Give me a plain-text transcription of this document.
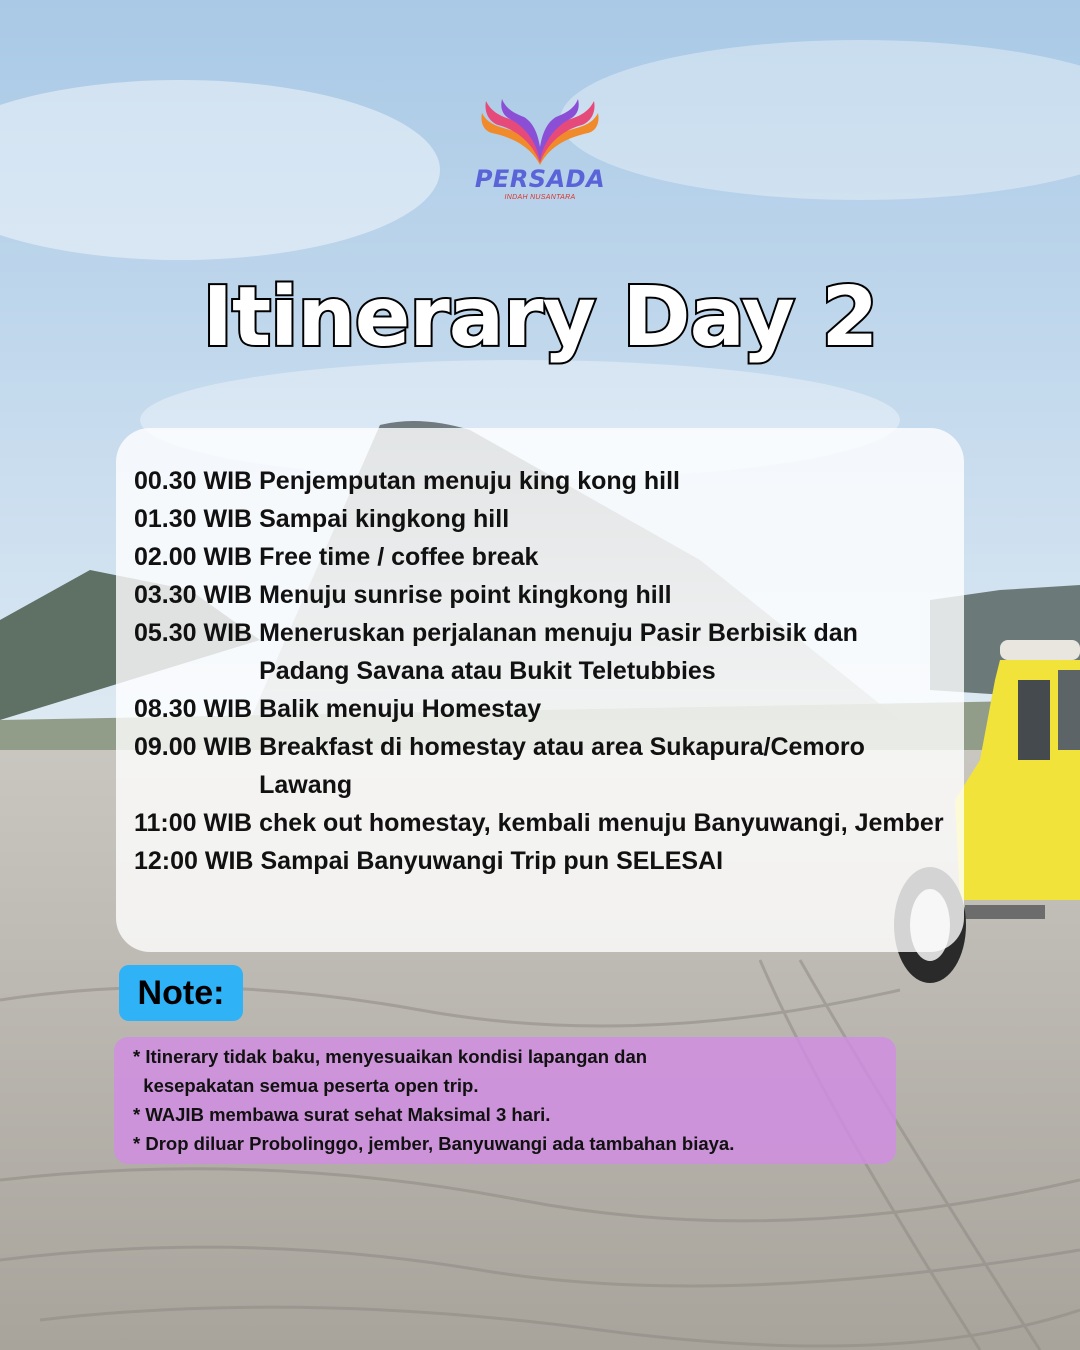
PERSADA
INDAH NUSANTARA
Itinerary Day 2
00.30 WIB Penjemputan menuju king kong hill
01.30 WIB Sampai kingkong hill
02.00 WIB Free time / coffee break
03.30 WIB Menuju sunrise point kingkong hill
05.30 WIB Meneruskan perjalanan menuju Pasir Berbisik dan Padang Savana atau Bukit Teletubbies
08.30 WIB Balik menuju Homestay
09.00 WIB Breakfast di homestay atau area Sukapura/Cemoro Lawang
11:00 WIB chek out homestay, kembali menuju Banyuwangi, Jember
12:00 WIB Sampai Banyuwangi Trip pun SELESAI
Note:
* Itinerary tidak baku, menyesuaikan kondisi lapangan dan
kesepakatan semua peserta open trip.
* WAJIB membawa surat sehat Maksimal 3 hari.
* Drop diluar Probolinggo, jember, Banyuwangi ada tambahan biaya.
